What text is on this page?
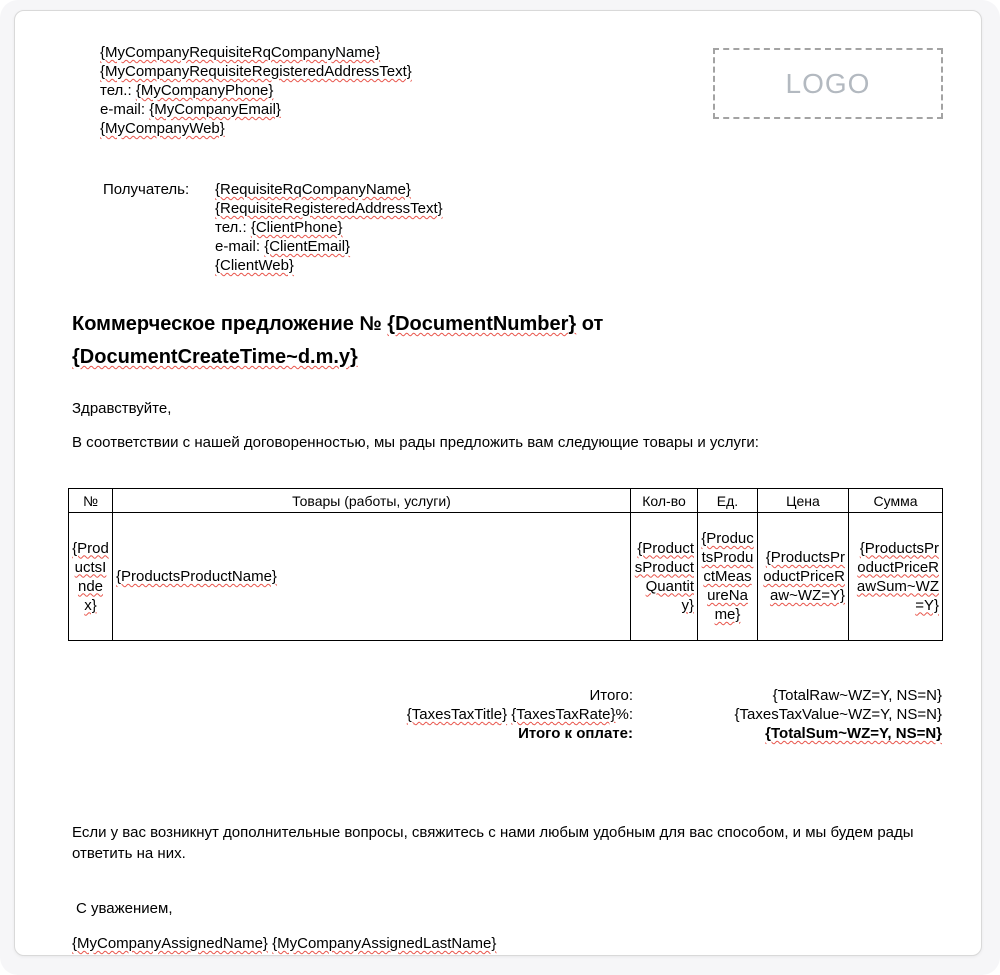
{MyCompanyRequisiteRqCompanyName}
{MyCompanyRequisiteRegisteredAddressText}
тел.: {MyCompanyPhone}
e-mail: {MyCompanyEmail}
{MyCompanyWeb}
LOGO
Получатель:	{RequisiteRqCompanyName}
{RequisiteRegisteredAddressText}
тел.: {ClientPhone}
e-mail: {ClientEmail}
{ClientWeb}
Коммерческое предложение № {DocumentNumber} от {DocumentCreateTime~d.m.y}

Здравствуйте,

В соответствии с нашей договоренностью, мы рады предложить вам следующие товары и услуги:

№	Товары (работы, услуги)	Кол-во	Ед.	Цена	Сумма
{ProductsIndex}	{ProductsProductName}	{ProductsProductQuantity}	{ProductsProductMeasureName}	{ProductsProductPriceRaw~WZ=Y}	{ProductsProductPriceRawSum~WZ=Y}
Итого:	{TotalRaw~WZ=Y, NS=N}
{TaxesTaxTitle} {TaxesTaxRate}%:	{TaxesTaxValue~WZ=Y, NS=N}
Итого к оплате:	{TotalSum~WZ=Y, NS=N}

Если у вас возникнут дополнительные вопросы, свяжитесь с нами любым удобным для вас способом, и мы будем рады ответить на них.

С уважением,

{MyCompanyAssignedName} {MyCompanyAssignedLastName}
